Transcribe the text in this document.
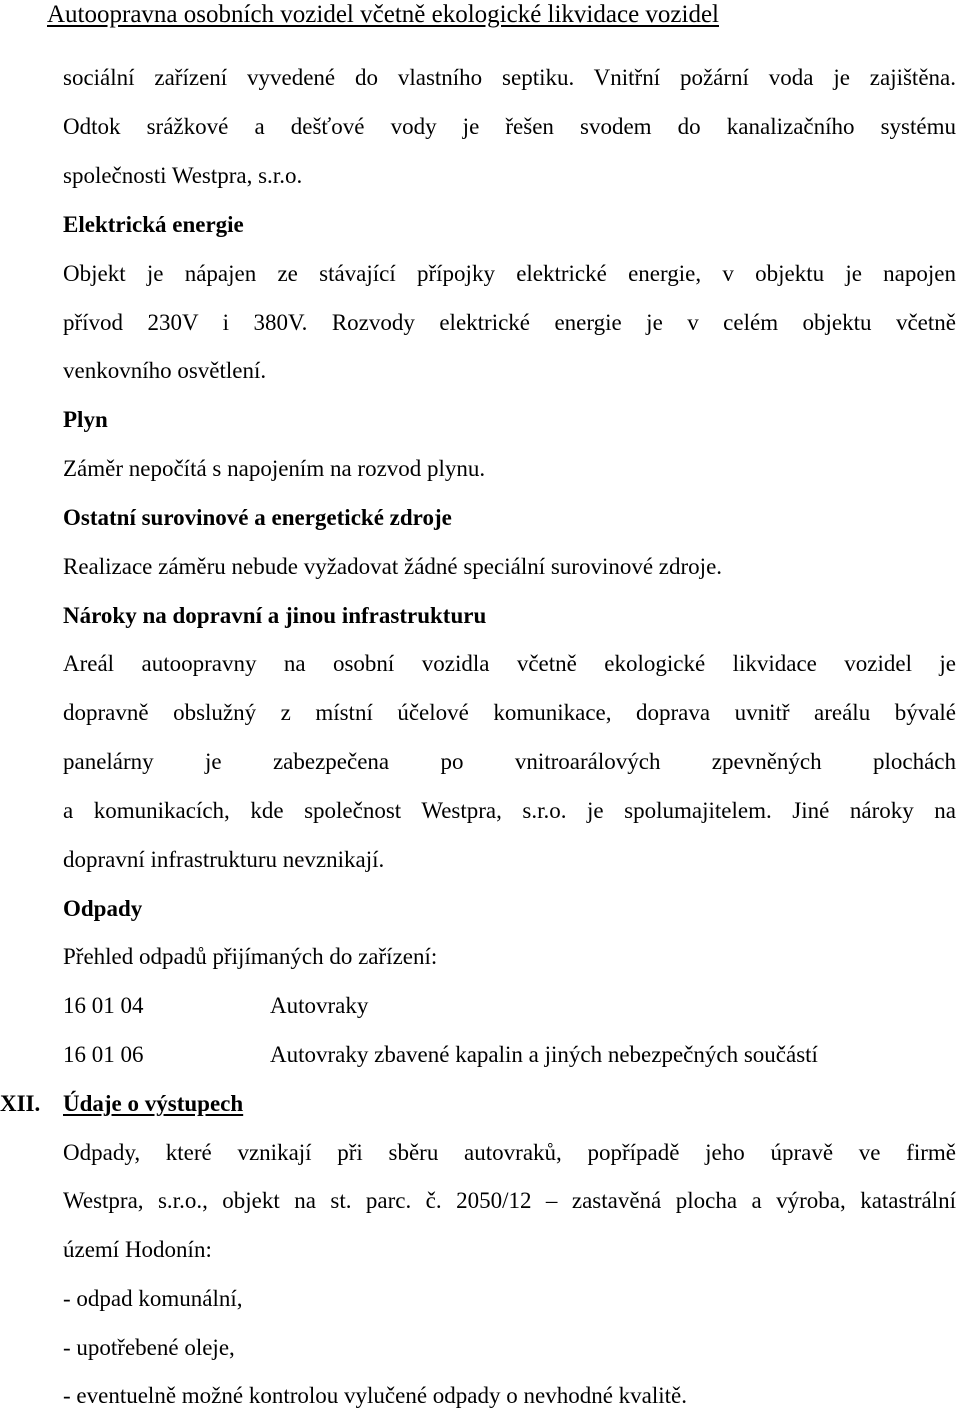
Autoopravna osobních vozidel včetně ekologické likvidace vozidel
sociální zařízení vyvedené do vlastního septiku. Vnitřní požární voda je zajištěna.
Odtok srážkové a dešťové vody je řešen svodem do kanalizačního systému
společnosti Westpra, s.r.o.
Elektrická energie
Objekt je nápajen ze stávající přípojky elektrické energie, v objektu je napojen
přívod 230V i 380V. Rozvody elektrické energie je v celém objektu včetně
venkovního osvětlení.
Plyn
Záměr nepočítá s napojením na rozvod plynu.
Ostatní surovinové a energetické zdroje
Realizace záměru nebude vyžadovat žádné speciální surovinové zdroje.
Nároky na dopravní a jinou infrastrukturu
Areál autoopravny na osobní vozidla včetně ekologické likvidace vozidel je
dopravně obslužný z místní účelové komunikace, doprava uvnitř areálu bývalé
panelárny je zabezpečena po vnitroarálových zpevněných plochách
a komunikacích, kde společnost Westpra, s.r.o. je spolumajitelem. Jiné nároky na
dopravní infrastrukturu nevznikají.
Odpady
Přehled odpadů přijímaných do zařízení:
16 01 04	Autovraky
16 01 06	Autovraky zbavené kapalin a jiných nebezpečných součástí
XII. Údaje o výstupech
Odpady, které vznikají při sběru autovraků, popřípadě jeho úpravě ve firmě
Westpra, s.r.o., objekt na st. parc. č. 2050/12 – zastavěná plocha a výroba, katastrální
území Hodonín:
- odpad komunální,
- upotřebené oleje,
- eventuelně možné kontrolou vylučené odpady o nevhodné kvalitě.
